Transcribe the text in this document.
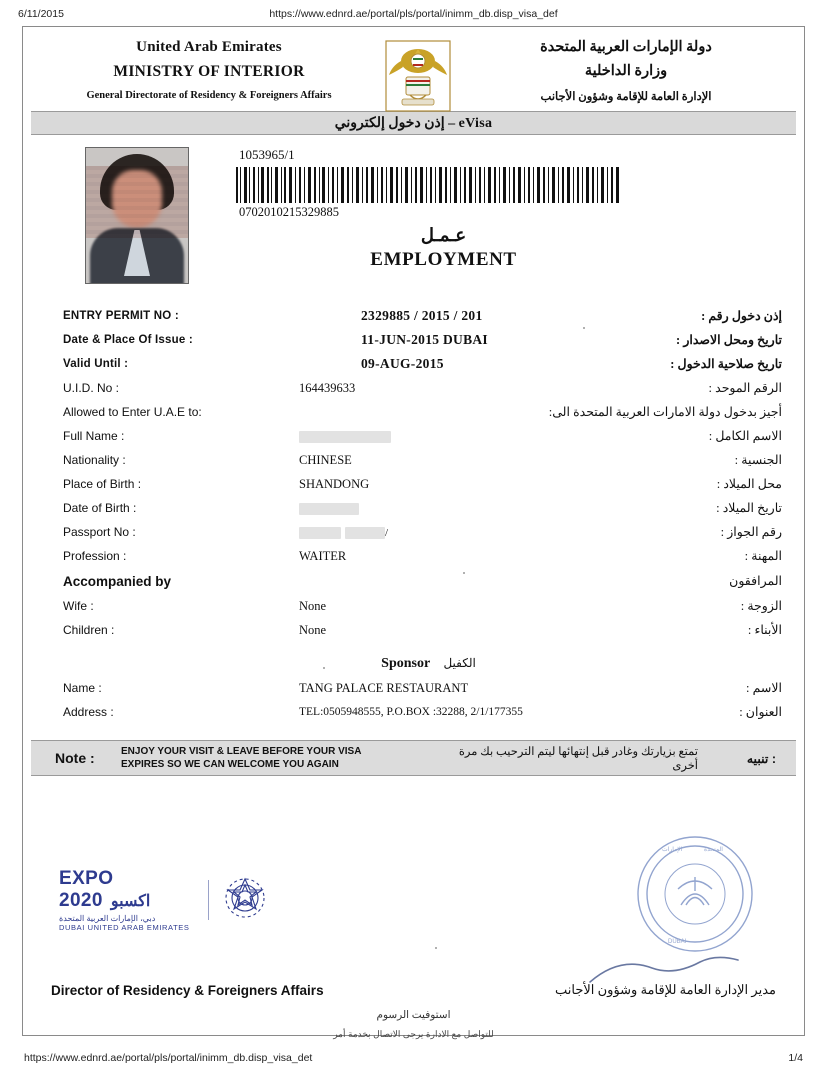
6/11/2015	https://www.ednrd.ae/portal/pls/portal/inimm_db.disp_visa_def
United Arab Emirates
MINISTRY OF INTERIOR
General Directorate of Residency & Foreigners Affairs
دولة الإمارات العربية المتحدة
وزارة الداخلية
الإدارة العامة للإقامة وشؤون الأجانب
إذن دخول إلكتروني – eVisa
1053965/1
0702010215329885
عـمـل
EMPLOYMENT
ENTRY PERMIT NO :	2329885 / 2015 / 201	إذن دخول رقم :
Date & Place Of Issue :	11-JUN-2015 DUBAI	تاريخ ومحل الاصدار :
Valid Until :	09-AUG-2015	تاريخ صلاحية الدخول :
U.I.D. No :	164439633	الرقم الموحد :
Allowed to Enter U.A.E to:	أجيز بدخول دولة الامارات العربية المتحدة الى:
Full Name :	الاسم الكامل :
Nationality :	CHINESE	الجنسية :
Place of Birth :	SHANDONG	محل الميلاد :
Date of Birth :	تاريخ الميلاد :
Passport No :	/	رقم الجواز :
Profession :	WAITER	المهنة :
Accompanied by	المرافقون
Wife :	None	الزوجة :
Children :	None	الأبناء :
Sponsor الكفيل
Name :	TANG PALACE RESTAURANT	الاسم :
Address :	TEL:0505948555, P.O.BOX :32288, 2/1/177355	العنوان :
Note :	ENJOY YOUR VISIT & LEAVE BEFORE YOUR VISA
EXPIRES SO WE CAN WELCOME YOU AGAIN
تمتع بزيارتك وغادر قبل إنتهائها ليتم الترحيب بك مرة أخرى
تنبيه :
EXPO 2020 اكسبو
دبي، الإمارات العربية المتحدة
DUBAI UNITED ARAB EMIRATES
الإمارات	المتحدة
DUBAI
Director of Residency & Foreigners Affairs	مدير الإدارة العامة للإقامة وشؤون الأجانب
استوفيت الرسوم
للتواصل مع الادارة يرجى الاتصال بخدمة أمر
https://www.ednrd.ae/portal/pls/portal/inimm_db.disp_visa_det	1/4
